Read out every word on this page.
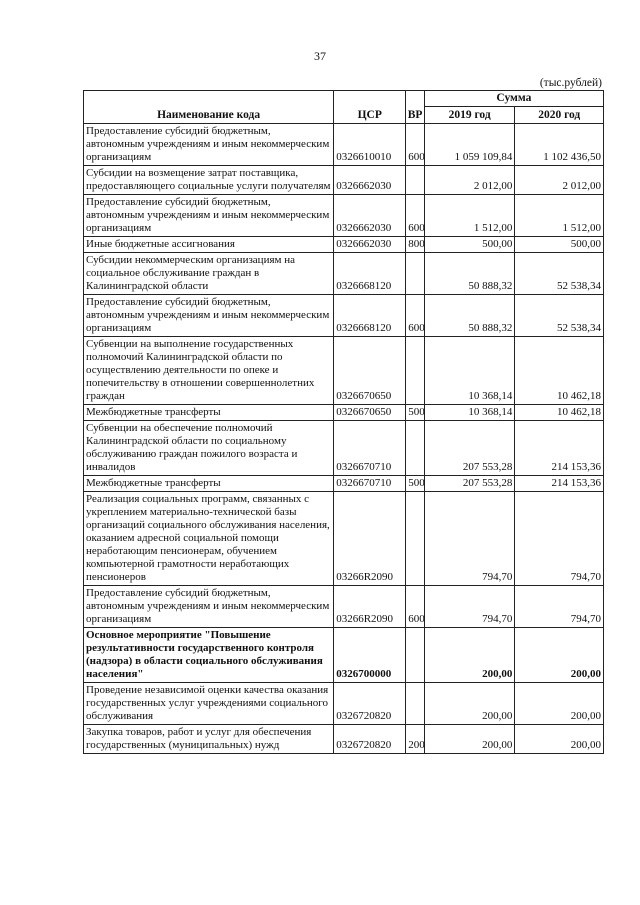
37
(тыс.рублей)
Наименование кода	ЦСР	ВР	Сумма	
			2019 год	2020 год
Предоставление субсидий бюджетным, автономным учреждениям и иным некоммерческим организациям	0326610010	600	1 059 109,84	1 102 436,50
Субсидии на возмещение затрат поставщика, предоставляющего социальные услуги получателям	0326662030		2 012,00	2 012,00
Предоставление субсидий бюджетным, автономным учреждениям и иным некоммерческим организациям	0326662030	600	1 512,00	1 512,00
Иные бюджетные ассигнования	0326662030	800	500,00	500,00
Субсидии некоммерческим организациям на социальное обслуживание граждан в Калининградской области	0326668120		50 888,32	52 538,34
Предоставление субсидий бюджетным, автономным учреждениям и иным некоммерческим организациям	0326668120	600	50 888,32	52 538,34
Субвенции на выполнение государственных полномочий Калининградской области по осуществлению деятельности по опеке и попечительству в отношении совершеннолетних граждан	0326670650		10 368,14	10 462,18
Межбюджетные трансферты	0326670650	500	10 368,14	10 462,18
Субвенции на обеспечение полномочий Калининградской области по социальному обслуживанию граждан пожилого возраста и инвалидов	0326670710		207 553,28	214 153,36
Межбюджетные трансферты	0326670710	500	207 553,28	214 153,36
Реализация социальных программ, связанных с укреплением материально-технической базы организаций социального обслуживания населения, оказанием адресной социальной помощи неработающим пенсионерам, обучением компьютерной грамотности неработающих пенсионеров	03266R2090		794,70	794,70
Предоставление субсидий бюджетным, автономным учреждениям и иным некоммерческим организациям	03266R2090	600	794,70	794,70
Основное мероприятие "Повышение результативности государственного контроля (надзора) в области социального обслуживания населения"	0326700000		200,00	200,00
Проведение независимой оценки качества оказания государственных услуг учреждениями социального обслуживания	0326720820		200,00	200,00
Закупка товаров, работ и услуг для обеспечения государственных (муниципальных) нужд	0326720820	200	200,00	200,00
